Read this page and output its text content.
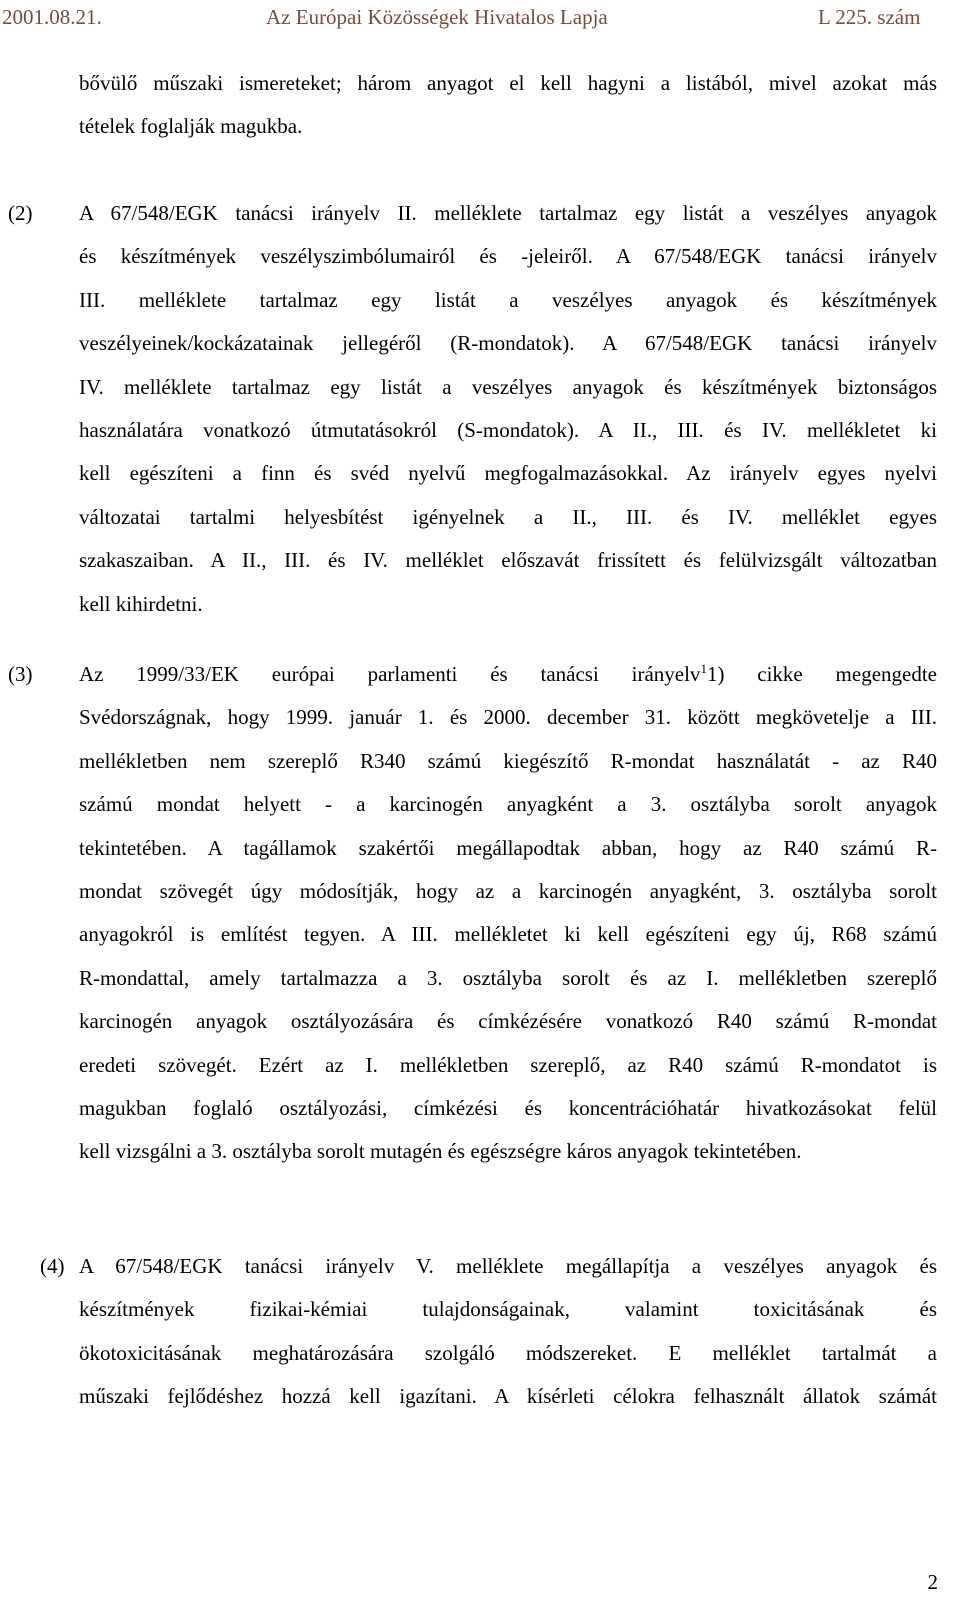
2001.08.21.	Az Európai Közösségek Hivatalos Lapja	L 225. szám
bővülő műszaki ismereteket; három anyagot el kell hagyni a listából, mivel azokat más
tételek foglalják magukba.
(2) A 67/548/EGK tanácsi irányelv II. melléklete tartalmaz egy listát a veszélyes anyagok
és készítmények veszélyszimbólumairól és -jeleiről. A 67/548/EGK tanácsi irányelv
III. melléklete tartalmaz egy listát a veszélyes anyagok és készítmények
veszélyeinek/kockázatainak jellegéről (R-mondatok). A 67/548/EGK tanácsi irányelv
IV. melléklete tartalmaz egy listát a veszélyes anyagok és készítmények biztonságos
használatára vonatkozó útmutatásokról (S-mondatok). A II., III. és IV. mellékletet ki
kell egészíteni a finn és svéd nyelvű megfogalmazásokkal. Az irányelv egyes nyelvi
változatai tartalmi helyesbítést igényelnek a II., III. és IV. melléklet egyes
szakaszaiban. A II., III. és IV. melléklet előszavát frissített és felülvizsgált változatban
kell kihirdetni.
(3) Az 1999/33/EK európai parlamenti és tanácsi irányelv$^1$1) cikke megengedte
Svédországnak, hogy 1999. január 1. és 2000. december 31. között megkövetelje a III.
mellékletben nem szereplő R340 számú kiegészítő R-mondat használatát - az R40
számú mondat helyett - a karcinogén anyagként a 3. osztályba sorolt anyagok
tekintetében. A tagállamok szakértői megállapodtak abban, hogy az R40 számú R-
mondat szövegét úgy módosítják, hogy az a karcinogén anyagként, 3. osztályba sorolt
anyagokról is említést tegyen. A III. mellékletet ki kell egészíteni egy új, R68 számú
R-mondattal, amely tartalmazza a 3. osztályba sorolt és az I. mellékletben szereplő
karcinogén anyagok osztályozására és címkézésére vonatkozó R40 számú R-mondat
eredeti szövegét. Ezért az I. mellékletben szereplő, az R40 számú R-mondatot is
magukban foglaló osztályozási, címkézési és koncentrációhatár hivatkozásokat felül
kell vizsgálni a 3. osztályba sorolt mutagén és egészségre káros anyagok tekintetében.
(4) A 67/548/EGK tanácsi irányelv V. melléklete megállapítja a veszélyes anyagok és
készítmények fizikai-kémiai tulajdonságainak, valamint toxicitásának és
ökotoxicitásának meghatározására szolgáló módszereket. E melléklet tartalmát a
műszaki fejlődéshez hozzá kell igazítani. A kísérleti célokra felhasznált állatok számát
2
